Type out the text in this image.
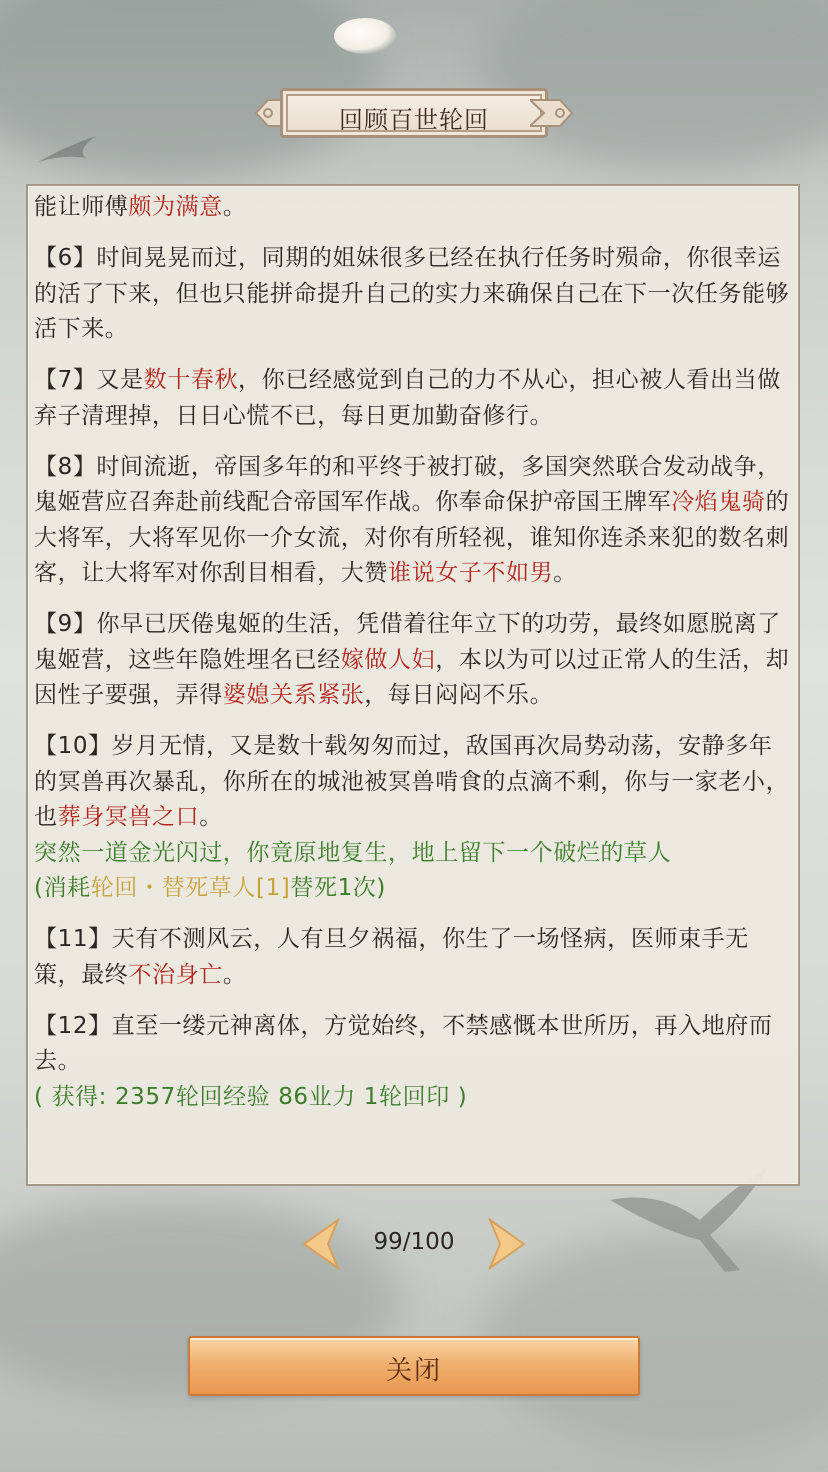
回顾百世轮回

能让师傅颇为满意。

【6】时间晃晃而过，同期的姐妹很多已经在执行任务时殒命，你很幸运的活了下来，但也只能拼命提升自己的实力来确保自己在下一次任务能够活下来。

【7】又是数十春秋，你已经感觉到自己的力不从心，担心被人看出当做弃子清理掉，日日心慌不已，每日更加勤奋修行。

【8】时间流逝，帝国多年的和平终于被打破，多国突然联合发动战争，鬼姬营应召奔赴前线配合帝国军作战。你奉命保护帝国王牌军冷焰鬼骑的大将军，大将军见你一介女流，对你有所轻视，谁知你连杀来犯的数名刺客，让大将军对你刮目相看，大赞谁说女子不如男。

【9】你早已厌倦鬼姬的生活，凭借着往年立下的功劳，最终如愿脱离了鬼姬营，这些年隐姓埋名已经嫁做人妇，本以为可以过正常人的生活，却因性子要强，弄得婆媳关系紧张，每日闷闷不乐。

【10】岁月无情，又是数十载匆匆而过，敌国再次局势动荡，安静多年的冥兽再次暴乱，你所在的城池被冥兽啃食的点滴不剩，你与一家老小，也葬身冥兽之口。
突然一道金光闪过，你竟原地复生，地上留下一个破烂的草人
(消耗轮回・替死草人[1]替死1次)

【11】天有不测风云，人有旦夕祸福，你生了一场怪病，医师束手无策，最终不治身亡。

【12】直至一缕元神离体，方觉始终，不禁感慨本世所历，再入地府而去。
( 获得: 2357轮回经验 86业力 1轮回印 )

99/100
关闭
